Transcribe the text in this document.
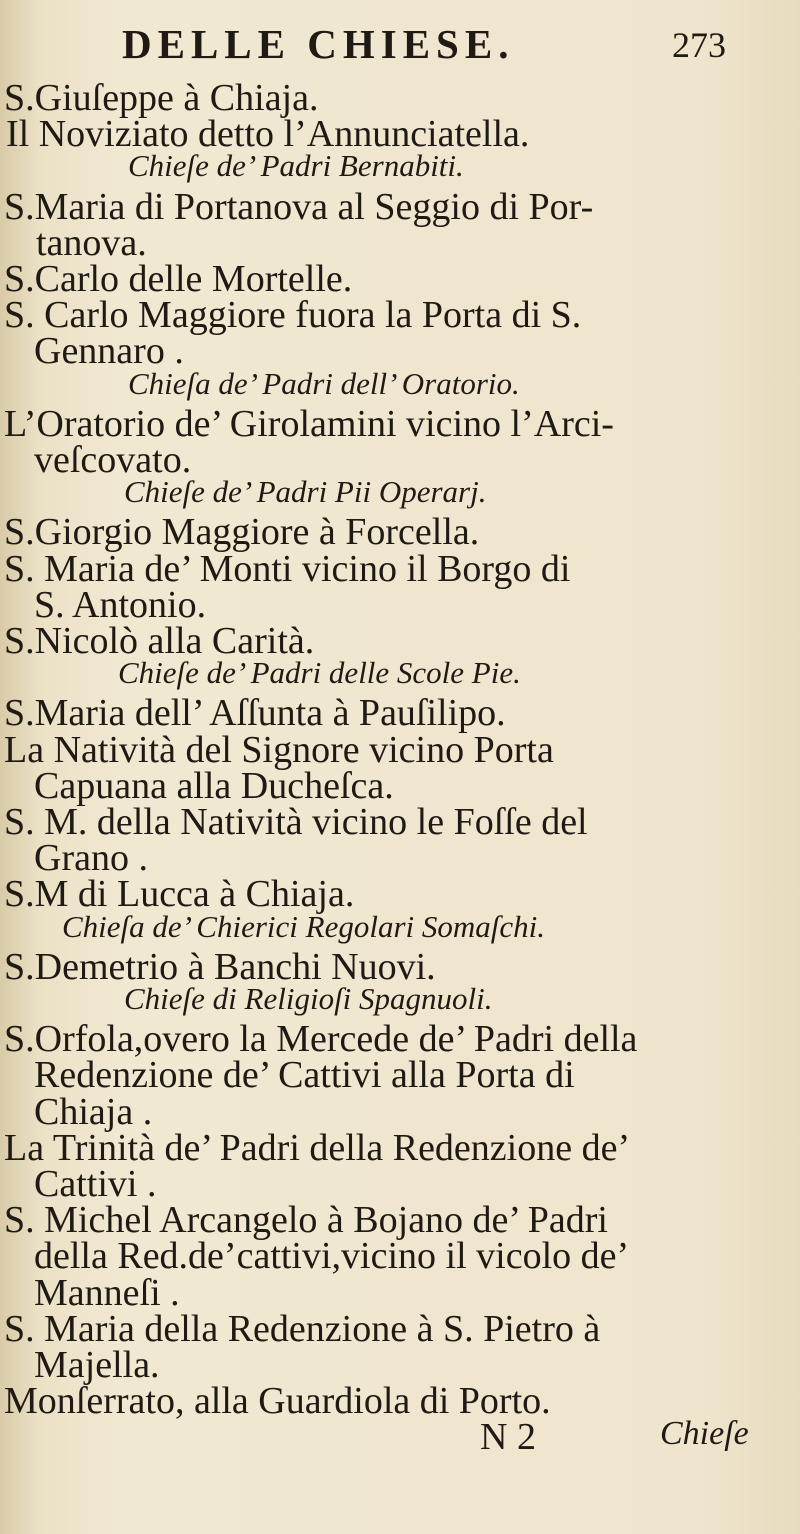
DELLE CHIESE.	273
S.Giuſeppe à Chiaja.
Il Noviziato detto l’Annunciatella.
Chieſe de’ Padri Bernabiti.
S.Maria di Portanova al Seggio di Por-
tanova.
S.Carlo delle Mortelle.
S. Carlo Maggiore fuora la Porta di S.
Gennaro .
Chieſa de’ Padri dell’ Oratorio.
L’Oratorio de’ Girolamini vicino l’Arci-
veſcovato.
Chieſe de’ Padri Pii Operarj.
S.Giorgio Maggiore à Forcella.
S. Maria de’ Monti vicino il Borgo di
S. Antonio.
S.Nicolò alla Carità.
Chieſe de’ Padri delle Scole Pie.
S.Maria dell’ Aſſunta à Pauſilipo.
La Natività del Signore vicino Porta
Capuana alla Ducheſca.
S. M. della Natività vicino le Foſſe del
Grano .
S.M di Lucca à Chiaja.
Chieſa de’ Chierici Regolari Somaſchi.
S.Demetrio à Banchi Nuovi.
Chieſe di Religioſi Spagnuoli.
S.Orfola,overo la Mercede de’ Padri della
Redenzione de’ Cattivi alla Porta di
Chiaja .
La Trinità de’ Padri della Redenzione de’
Cattivi .
S. Michel Arcangelo à Bojano de’ Padri
della Red.de’cattivi,vicino il vicolo de’
Manneſi .
S. Maria della Redenzione à S. Pietro à
Majella.
Monſerrato, alla Guardiola di Porto.
N 2	Chieſe
